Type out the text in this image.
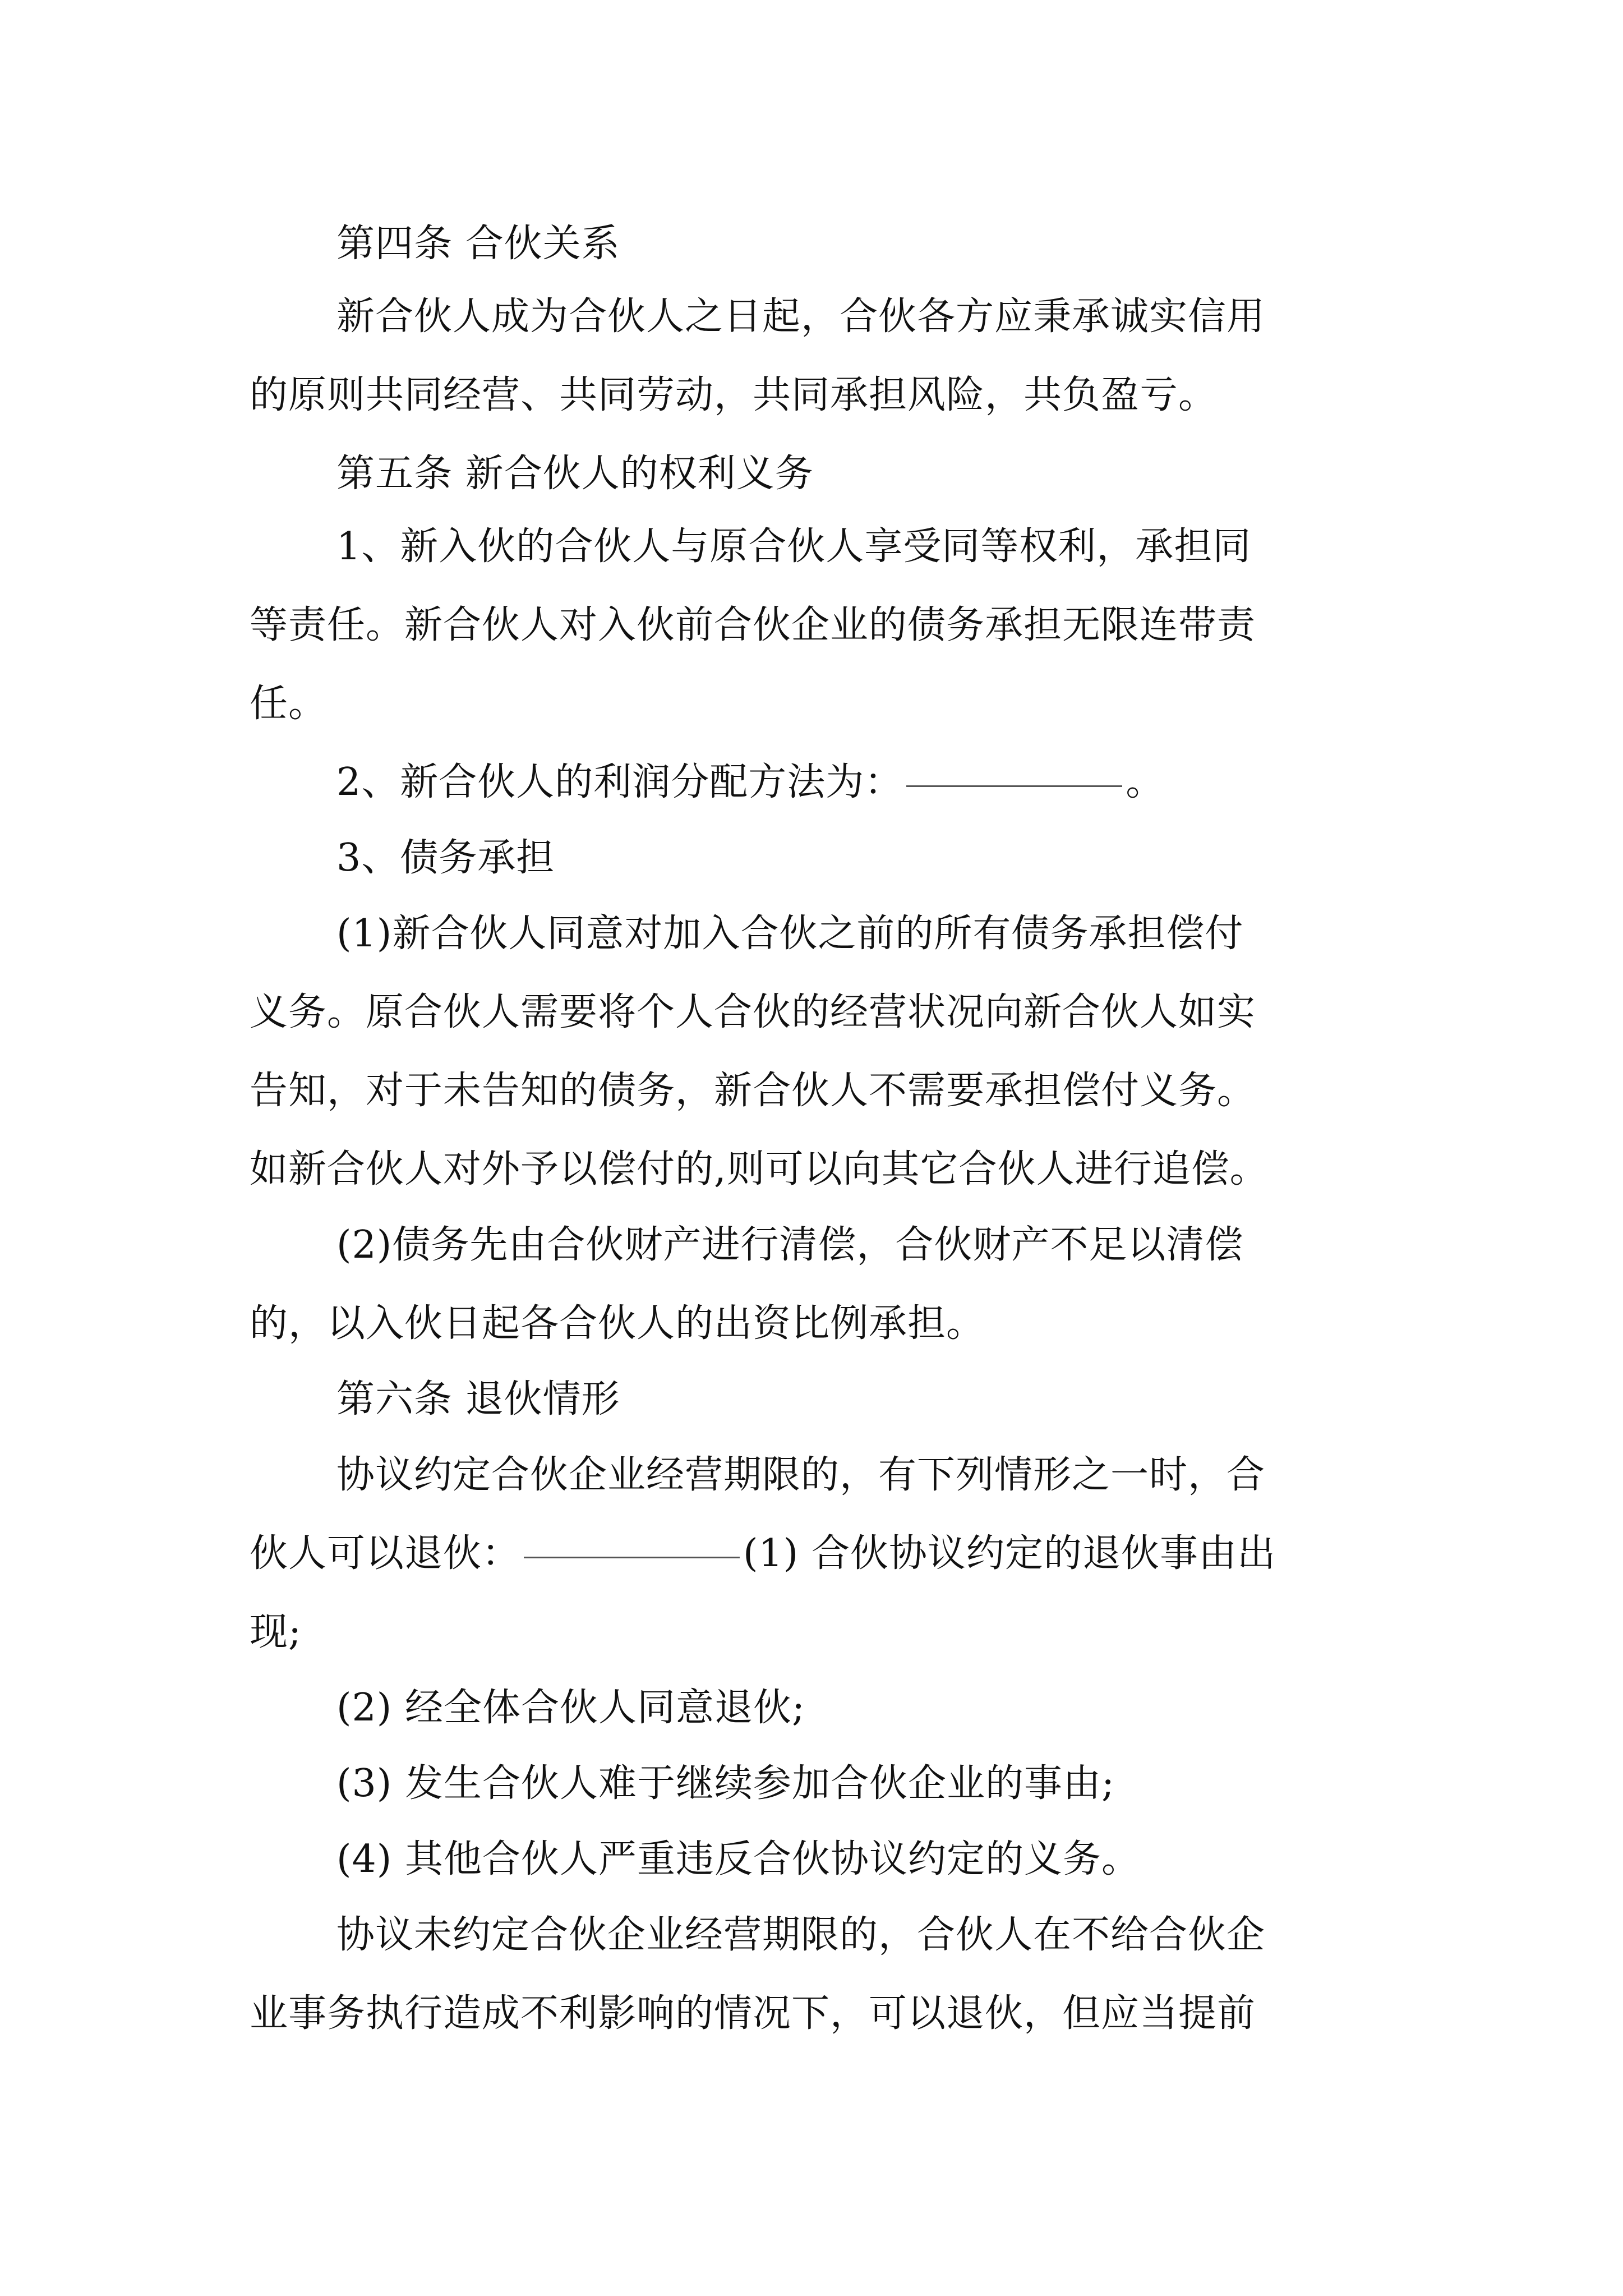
第四条 合伙关系
新合伙人成为合伙人之日起，合伙各方应秉承诚实信用
的原则共同经营、共同劳动，共同承担风险，共负盈亏。
第五条 新合伙人的权利义务
1、新入伙的合伙人与原合伙人享受同等权利，承担同
等责任。新合伙人对入伙前合伙企业的债务承担无限连带责
任。
2、新合伙人的利润分配方法为：	。
3、债务承担
(1)新合伙人同意对加入合伙之前的所有债务承担偿付
义务。原合伙人需要将个人合伙的经营状况向新合伙人如实
告知，对于未告知的债务，新合伙人不需要承担偿付义务。
如新合伙人对外予以偿付的,则可以向其它合伙人进行追偿。
(2)债务先由合伙财产进行清偿，合伙财产不足以清偿
的，以入伙日起各合伙人的出资比例承担。
第六条 退伙情形
协议约定合伙企业经营期限的，有下列情形之一时，合
伙人可以退伙：	(1) 合伙协议约定的退伙事由出
现;
(2) 经全体合伙人同意退伙;
(3) 发生合伙人难于继续参加合伙企业的事由;
(4) 其他合伙人严重违反合伙协议约定的义务。
协议未约定合伙企业经营期限的，合伙人在不给合伙企
业事务执行造成不利影响的情况下，可以退伙，但应当提前
